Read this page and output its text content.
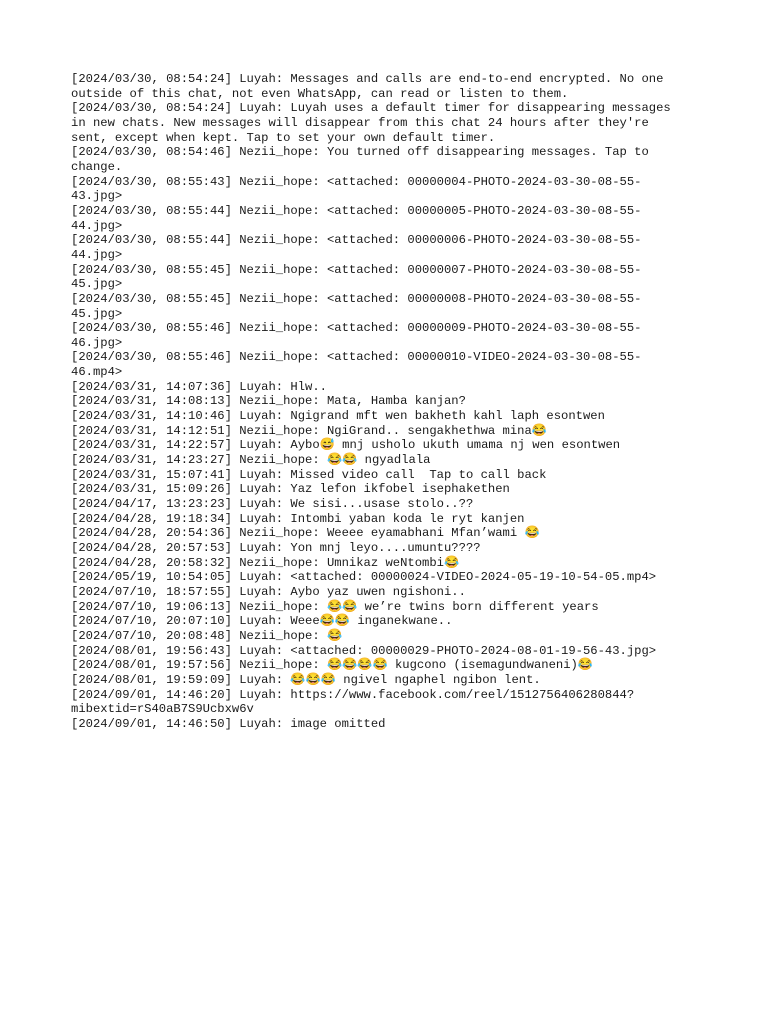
[2024/03/30, 08:54:24] Luyah: Messages and calls are end-to-end encrypted. No one
outside of this chat, not even WhatsApp, can read or listen to them.
[2024/03/30, 08:54:24] Luyah: Luyah uses a default timer for disappearing messages
in new chats. New messages will disappear from this chat 24 hours after they're
sent, except when kept. Tap to set your own default timer.
[2024/03/30, 08:54:46] Nezii_hope: You turned off disappearing messages. Tap to
change.
[2024/03/30, 08:55:43] Nezii_hope: <attached: 00000004-PHOTO-2024-03-30-08-55-
43.jpg>
[2024/03/30, 08:55:44] Nezii_hope: <attached: 00000005-PHOTO-2024-03-30-08-55-
44.jpg>
[2024/03/30, 08:55:44] Nezii_hope: <attached: 00000006-PHOTO-2024-03-30-08-55-
44.jpg>
[2024/03/30, 08:55:45] Nezii_hope: <attached: 00000007-PHOTO-2024-03-30-08-55-
45.jpg>
[2024/03/30, 08:55:45] Nezii_hope: <attached: 00000008-PHOTO-2024-03-30-08-55-
45.jpg>
[2024/03/30, 08:55:46] Nezii_hope: <attached: 00000009-PHOTO-2024-03-30-08-55-
46.jpg>
[2024/03/30, 08:55:46] Nezii_hope: <attached: 00000010-VIDEO-2024-03-30-08-55-
46.mp4>
[2024/03/31, 14:07:36] Luyah: Hlw..
[2024/03/31, 14:08:13] Nezii_hope: Mata, Hamba kanjan?
[2024/03/31, 14:10:46] Luyah: Ngigrand mft wen bakheth kahl laph esontwen
[2024/03/31, 14:12:51] Nezii_hope: NgiGrand.. sengakhethwa mina😂
[2024/03/31, 14:22:57] Luyah: Aybo😅 mnj usholo ukuth umama nj wen esontwen
[2024/03/31, 14:23:27] Nezii_hope: 😂😂 ngyadlala
[2024/03/31, 15:07:41] Luyah: Missed video call  Tap to call back
[2024/03/31, 15:09:26] Luyah: Yaz lefon ikfobel isephakethen
[2024/04/17, 13:23:23] Luyah: We sisi...usase stolo..??
[2024/04/28, 19:18:34] Luyah: Intombi yaban koda le ryt kanjen
[2024/04/28, 20:54:36] Nezii_hope: Weeee eyamabhani Mfan’wami 😂
[2024/04/28, 20:57:53] Luyah: Yon mnj leyo....umuntu????
[2024/04/28, 20:58:32] Nezii_hope: Umnikaz weNtombi😂
[2024/05/19, 10:54:05] Luyah: <attached: 00000024-VIDEO-2024-05-19-10-54-05.mp4>
[2024/07/10, 18:57:55] Luyah: Aybo yaz uwen ngishoni..
[2024/07/10, 19:06:13] Nezii_hope: 😂😂 we’re twins born different years
[2024/07/10, 20:07:10] Luyah: Weee😂😂 inganekwane..
[2024/07/10, 20:08:48] Nezii_hope: 😂
[2024/08/01, 19:56:43] Luyah: <attached: 00000029-PHOTO-2024-08-01-19-56-43.jpg>
[2024/08/01, 19:57:56] Nezii_hope: 😂😂😂😂 kugcono (isemagundwaneni)😂
[2024/08/01, 19:59:09] Luyah: 😂😂😂 ngivel ngaphel ngibon lent.
[2024/09/01, 14:46:20] Luyah: https://www.facebook.com/reel/1512756406280844?
mibextid=rS40aB7S9Ucbxw6v
[2024/09/01, 14:46:50] Luyah: image omitted
